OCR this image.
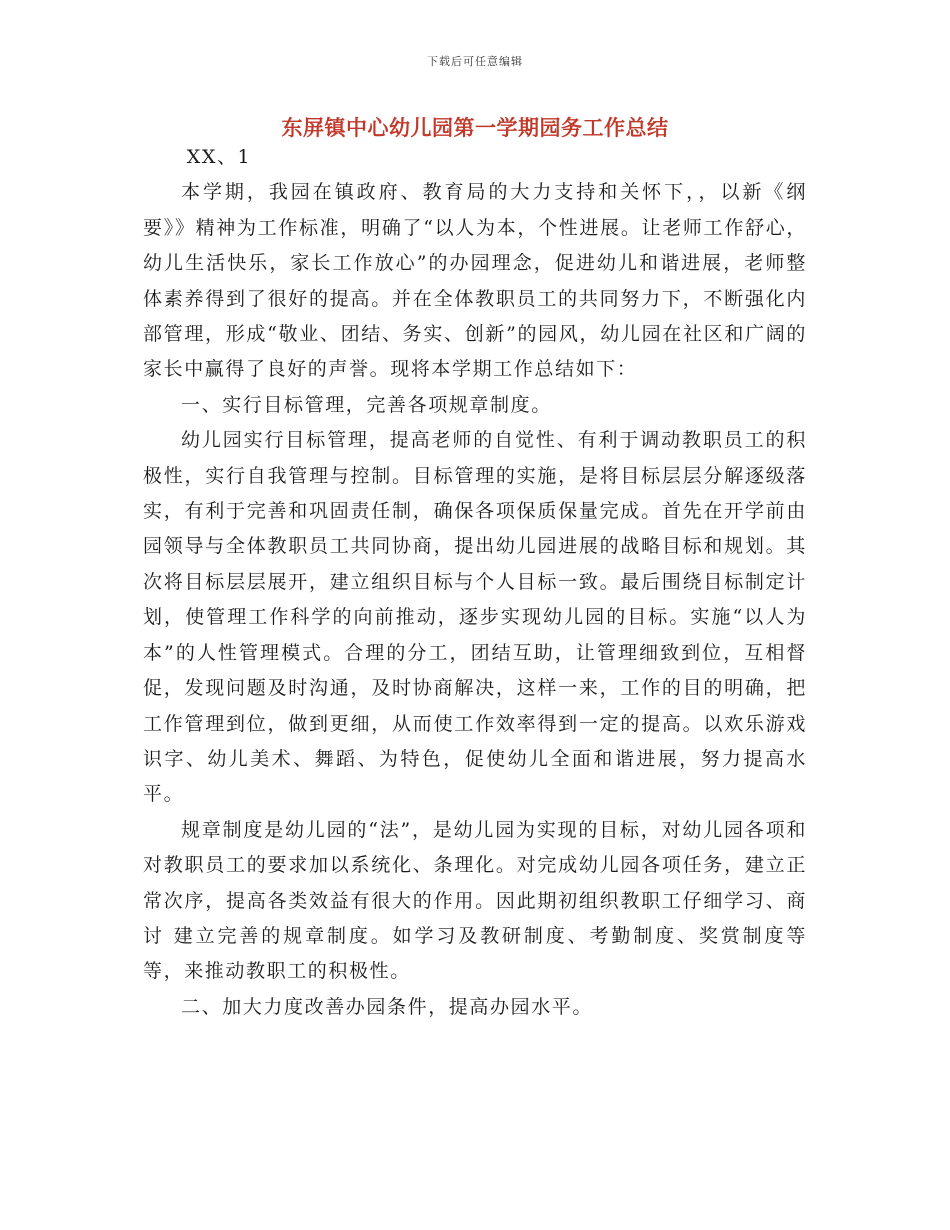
下载后可任意编辑
东屏镇中心幼儿园第一学期园务工作总结

XX、1

本学期，我园在镇政府、教育局的大力支持和关怀下，，以新《纲要》》精神为工作标准，明确了“以人为本，个性进展。让老师工作舒心，幼儿生活快乐，家长工作放心”的办园理念，促进幼儿和谐进展，老师整体素养得到了很好的提高。并在全体教职员工的共同努力下，不断强化内部管理，形成“敬业、团结、务实、创新”的园风，幼儿园在社区和广阔的家长中赢得了良好的声誉。现将本学期工作总结如下：

一、实行目标管理，完善各项规章制度。

幼儿园实行目标管理，提高老师的自觉性、有利于调动教职员工的积极性，实行自我管理与控制。目标管理的实施，是将目标层层分解逐级落实，有利于完善和巩固责任制，确保各项保质保量完成。首先在开学前由园领导与全体教职员工共同协商，提出幼儿园进展的战略目标和规划。其次将目标层层展开，建立组织目标与个人目标一致。最后围绕目标制定计划，使管理工作科学的向前推动，逐步实现幼儿园的目标。实施“以人为本”的人性管理模式。合理的分工，团结互助，让管理细致到位，互相督促，发现问题及时沟通，及时协商解决，这样一来，工作的目的明确，把工作管理到位，做到更细，从而使工作效率得到一定的提高。以欢乐游戏识字、幼儿美术、舞蹈、为特色，促使幼儿全面和谐进展，努力提高水平。

规章制度是幼儿园的“法”，是幼儿园为实现的目标，对幼儿园各项和对教职员工的要求加以系统化、条理化。对完成幼儿园各项任务，建立正常次序，提高各类效益有很大的作用。因此期初组织教职工仔细学习、商讨 建立完善的规章制度。如学习及教研制度、考勤制度、奖赏制度等等，来推动教职工的积极性。

二、加大力度改善办园条件，提高办园水平。
